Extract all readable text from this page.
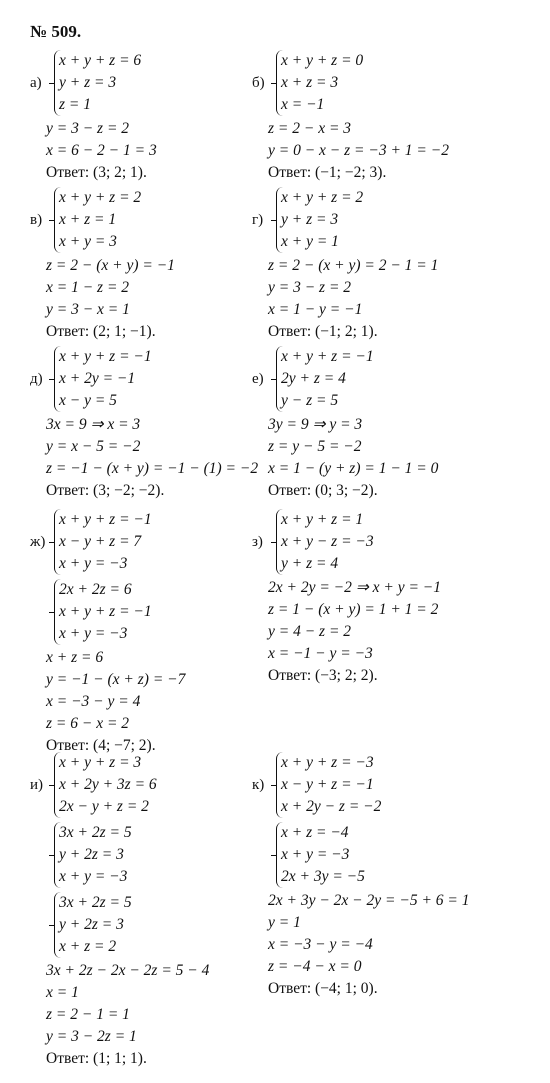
№ 509.
а)
x + y + z = 6
y + z = 3
z = 1
y = 3 − z = 2
x = 6 − 2 − 1 = 3
Ответ: (3; 2; 1).
б)
x + y + z = 0
x + z = 3
x = −1
z = 2 − x = 3
y = 0 − x − z = −3 + 1 = −2
Ответ: (−1; −2; 3).
в)
x + y + z = 2
x + z = 1
x + y = 3
z = 2 − (x + y) = −1
x = 1 − z = 2
y = 3 − x = 1
Ответ: (2; 1; −1).
г)
x + y + z = 2
y + z = 3
x + y = 1
z = 2 − (x + y) = 2 − 1 = 1
y = 3 − z = 2
x = 1 − y = −1
Ответ: (−1; 2; 1).
д)
x + y + z = −1
x + 2y = −1
x − y = 5
3x = 9 ⇒ x = 3
y = x − 5 = −2
z = −1 − (x + y) = −1 − (1) = −2
Ответ: (3; −2; −2).
е)
x + y + z = −1
2y + z = 4
y − z = 5
3y = 9 ⇒ y = 3
z = y − 5 = −2
x = 1 − (y + z) = 1 − 1 = 0
Ответ: (0; 3; −2).
ж)
x + y + z = −1
x − y + z = 7
x + y = −3
2x + 2z = 6
x + y + z = −1
x + y = −3
x + z = 6
y = −1 − (x + z) = −7
x = −3 − y = 4
z = 6 − x = 2
Ответ: (4; −7; 2).
з)
x + y + z = 1
x + y − z = −3
y + z = 4
2x + 2y = −2 ⇒ x + y = −1
z = 1 − (x + y) = 1 + 1 = 2
y = 4 − z = 2
x = −1 − y = −3
Ответ: (−3; 2; 2).
и)
x + y + z = 3
x + 2y + 3z = 6
2x − y + z = 2
3x + 2z = 5
y + 2z = 3
x + y = −3
3x + 2z = 5
y + 2z = 3
x + z = 2
3x + 2z − 2x − 2z = 5 − 4
x = 1
z = 2 − 1 = 1
y = 3 − 2z = 1
Ответ: (1; 1; 1).
к)
x + y + z = −3
x − y + z = −1
x + 2y − z = −2
x + z = −4
x + y = −3
2x + 3y = −5
2x + 3y − 2x − 2y = −5 + 6 = 1
y = 1
x = −3 − y = −4
z = −4 − x = 0
Ответ: (−4; 1; 0).
